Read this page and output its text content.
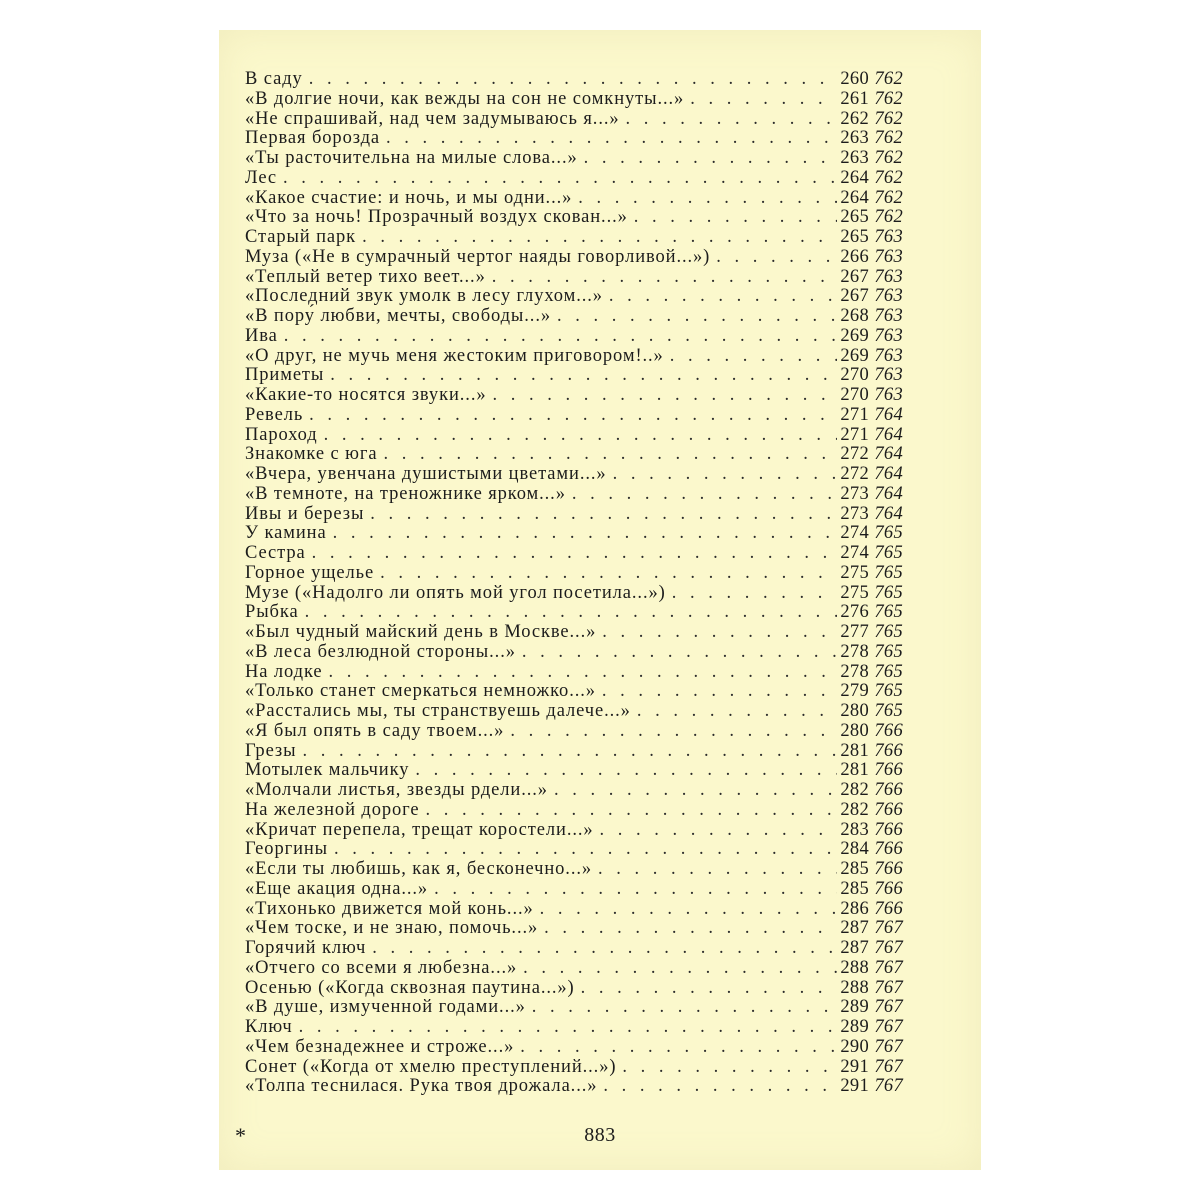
В саду . . .	260 762
«В долгие ночи, как вежды на сон не сомкнуты...» . . .	261 762
«Не спрашивай, над чем задумываюсь я...» . . .	262 762
Первая борозда . . .	263 762
«Ты расточительна на милые слова...» . . .	263 762
Лес . . .	264 762
«Какое счастие: и ночь, и мы одни...» . . .	264 762
«Что за ночь! Прозрачный воздух скован...» . . .	265 762
Старый парк . . .	265 763
Муза («Не в сумрачный чертог наяды говорливой...») . . .	266 763
«Теплый ветер тихо веет...» . . .	267 763
«Последний звук умолк в лесу глухом...» . . .	267 763
«В пору́ любви, мечты, свободы...» . . .	268 763
Ива . . .	269 763
«О друг, не мучь меня жестоким приговором!..» . . .	269 763
Приметы . . .	270 763
«Какие-то носятся звуки...» . . .	270 763
Ревель . . .	271 764
Пароход . . .	271 764
Знакомке с юга . . .	272 764
«Вчера, увенчана душистыми цветами...» . . .	272 764
«В темноте, на треножнике ярком...» . . .	273 764
Ивы и березы . . .	273 764
У камина . . .	274 765
Сестра . . .	274 765
Горное ущелье . . .	275 765
Музе («Надолго ли опять мой угол посетила...») . . .	275 765
Рыбка . . .	276 765
«Был чудный майский день в Москве...» . . .	277 765
«В леса безлюдной стороны...» . . .	278 765
На лодке . . .	278 765
«Только станет смеркаться немножко...» . . .	279 765
«Расстались мы, ты странствуешь далече...» . . .	280 765
«Я был опять в саду твоем...» . . .	280 766
Грезы . . .	281 766
Мотылек мальчику . . .	281 766
«Молчали листья, звезды рдели...» . . .	282 766
На железной дороге . . .	282 766
«Кричат перепела, трещат коростели...» . . .	283 766
Георгины . . .	284 766
«Если ты любишь, как я, бесконечно...» . . .	285 766
«Еще акация одна...» . . .	285 766
«Тихонько движется мой конь...» . . .	286 766
«Чем тоске, и не знаю, помочь...» . . .	287 767
Горячий ключ . . .	287 767
«Отчего со всеми я любезна...» . . .	288 767
Осенью («Когда сквозная паутина...») . . .	288 767
«В душе, измученной годами...» . . .	289 767
Ключ . . .	289 767
«Чем безнадежнее и строже...» . . .	290 767
Сонет («Когда от хмелю преступлений...») . . .	291 767
«Толпа теснилася. Рука твоя дрожала...» . . .	291 767
*	883
